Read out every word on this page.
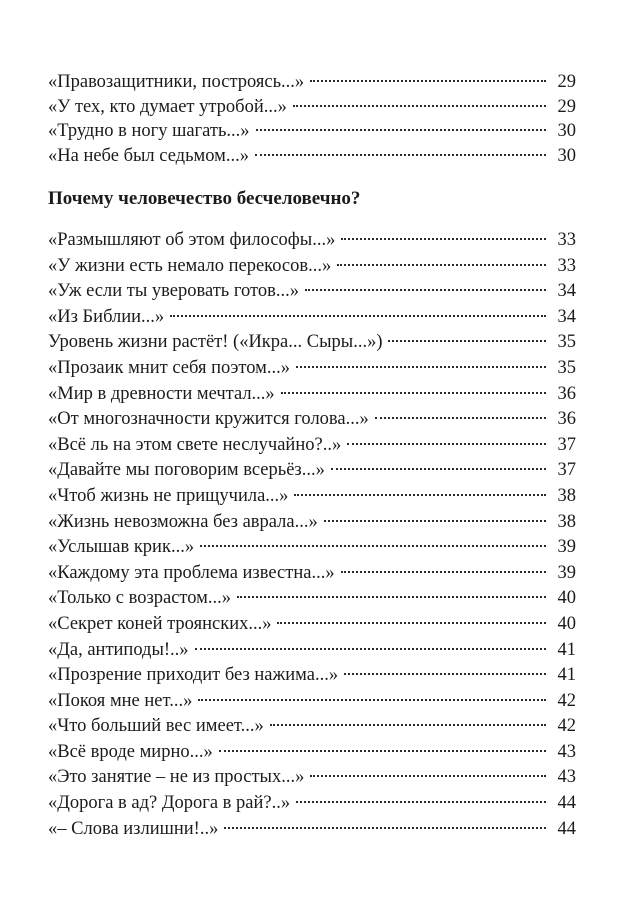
«Правозащитники, построясь...»	29
«У тех, кто думает утробой...»	29
«Трудно в ногу шагать...»	30
«На небе был седьмом...»	30
Почему человечество бесчеловечно?
«Размышляют об этом философы...»	33
«У жизни есть немало перекосов...»	33
«Уж если ты уверовать готов...»	34
«Из Библии...»	34
Уровень жизни растёт! («Икра... Сыры...»)	35
«Прозаик мнит себя поэтом...»	35
«Мир в древности мечтал...»	36
«От многозначности кружится голова...»	36
«Всё ль на этом свете неслучайно?..»	37
«Давайте мы поговорим всерьёз...»	37
«Чтоб жизнь не прищучила...»	38
«Жизнь невозможна без аврала...»	38
«Услышав крик...»	39
«Каждому эта проблема известна...»	39
«Только с возрастом...»	40
«Секрет коней троянских...»	40
«Да, антиподы!..»	41
«Прозрение приходит без нажима...»	41
«Покоя мне нет...»	42
«Что больший вес имеет...»	42
«Всё вроде мирно...»	43
«Это занятие – не из простых...»	43
«Дорога в ад? Дорога в рай?..»	44
«– Слова излишни!..»	44
